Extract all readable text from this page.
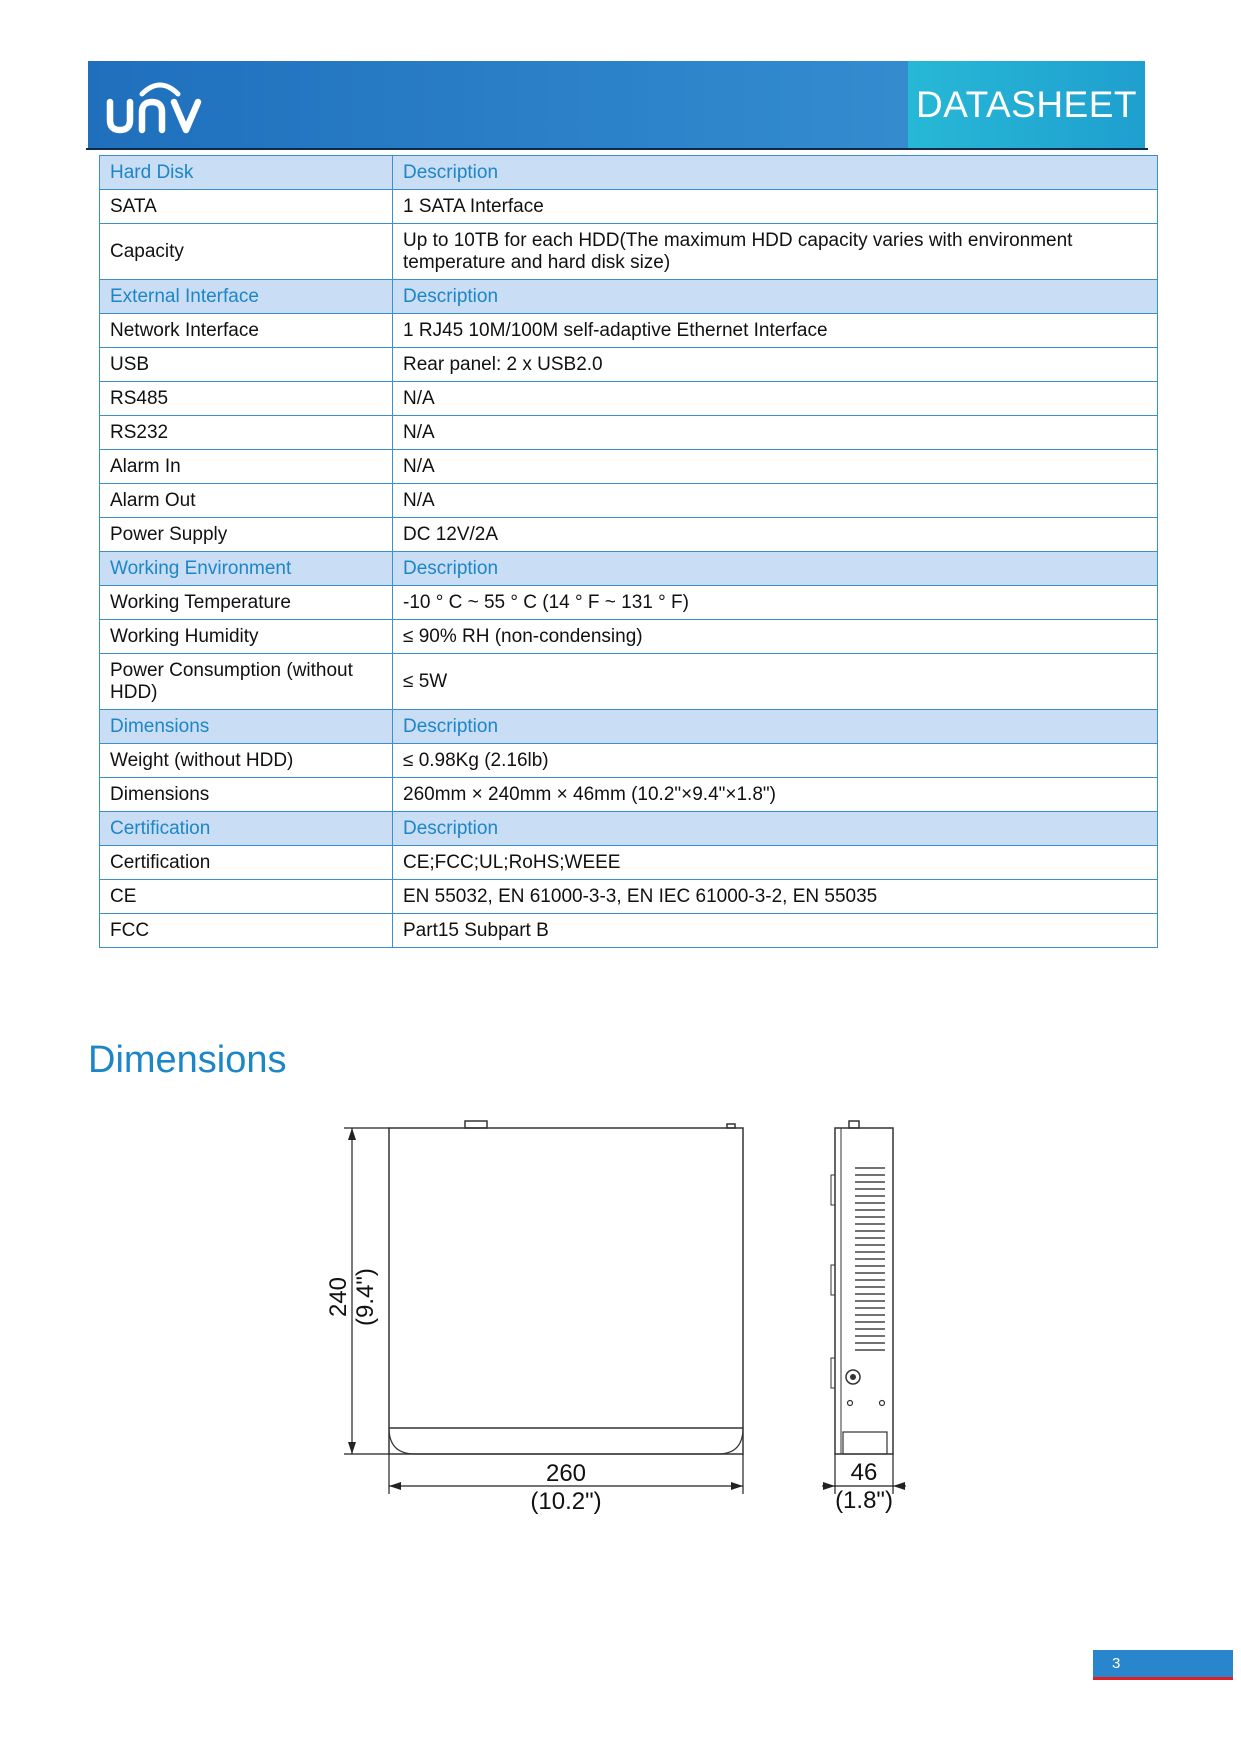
DATASHEET
Hard Disk	Description
SATA	1 SATA Interface
Capacity	Up to 10TB for each HDD(The maximum HDD capacity varies with environment temperature and hard disk size)
External Interface	Description
Network Interface	1 RJ45 10M/100M self-adaptive Ethernet Interface
USB	Rear panel: 2 x USB2.0
RS485	N/A
RS232	N/A
Alarm In	N/A
Alarm Out	N/A
Power Supply	DC 12V/2A
Working Environment	Description
Working Temperature	-10 ° C ~ 55 ° C (14 ° F ~ 131 ° F)
Working Humidity	≤ 90% RH (non-condensing)
Power Consumption (without HDD)	≤ 5W
Dimensions	Description
Weight (without HDD)	≤ 0.98Kg (2.16lb)
Dimensions	260mm × 240mm × 46mm (10.2"×9.4"×1.8")
Certification	Description
Certification	CE;FCC;UL;RoHS;WEEE
CE	EN 55032, EN 61000-3-3, EN IEC 61000-3-2, EN 55035
FCC	Part15 Subpart B
Dimensions
240 (9.4")
260
(10.2")
46
(1.8")
3
